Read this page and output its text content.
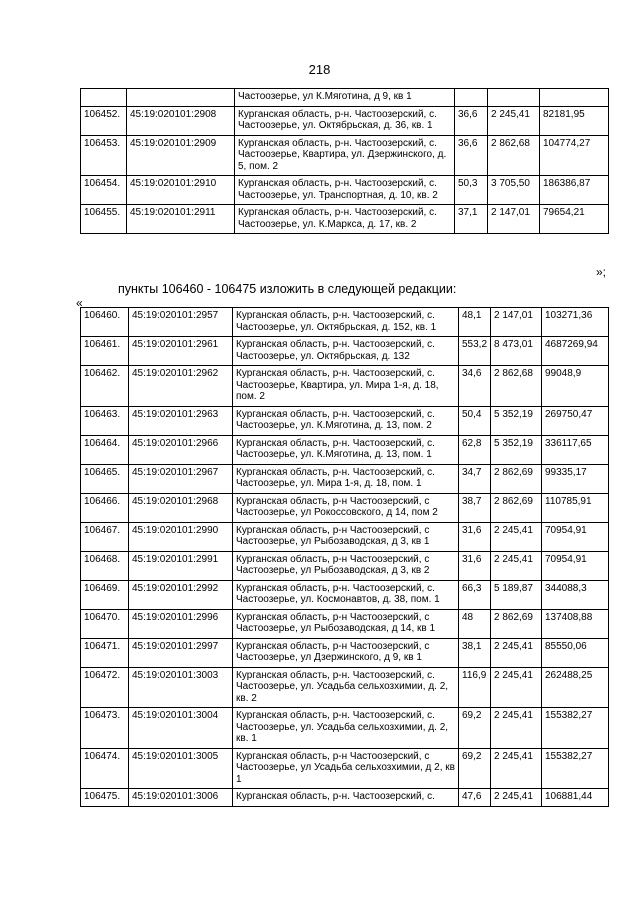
218
		Частоозерье, ул К.Мяготина, д 9, кв 1			
106452.	45:19:020101:2908	Курганская область, р-н. Частоозерский, с. Частоозерье, ул. Октябрьская, д. 36, кв. 1	36,6	2 245,41	82181,95
106453.	45:19:020101:2909	Курганская область, р-н. Частоозерский, с. Частоозерье, Квартира, ул. Дзержинского, д. 5, пом. 2	36,6	2 862,68	104774,27
106454.	45:19:020101:2910	Курганская область, р-н. Частоозерский, с. Частоозерье, ул. Транспортная, д. 10, кв. 2	50,3	3 705,50	186386,87
106455.	45:19:020101:2911	Курганская область, р-н. Частоозерский, с. Частоозерье, ул. К.Маркса, д. 17, кв. 2	37,1	2 147,01	79654,21
»;
пункты 106460 - 106475 изложить в следующей редакции:
«
106460.	45:19:020101:2957	Курганская область, р-н. Частоозерский, с. Частоозерье, ул. Октябрьская, д. 152, кв. 1	48,1	2 147,01	103271,36
106461.	45:19:020101:2961	Курганская область, р-н. Частоозерский, с. Частоозерье, ул. Октябрьская, д. 132	553,2	8 473,01	4687269,94
106462.	45:19:020101:2962	Курганская область, р-н. Частоозерский, с. Частоозерье, Квартира, ул. Мира 1-я, д. 18, пом. 2	34,6	2 862,68	99048,9
106463.	45:19:020101:2963	Курганская область, р-н. Частоозерский, с. Частоозерье, ул. К.Мяготина, д. 13, пом. 2	50,4	5 352,19	269750,47
106464.	45:19:020101:2966	Курганская область, р-н. Частоозерский, с. Частоозерье, ул. К.Мяготина, д. 13, пом. 1	62,8	5 352,19	336117,65
106465.	45:19:020101:2967	Курганская область, р-н. Частоозерский, с. Частоозерье, ул. Мира 1-я, д. 18, пом. 1	34,7	2 862,69	99335,17
106466.	45:19:020101:2968	Курганская область, р-н Частоозерский, с Частоозерье, ул Рокоссовского, д 14, пом 2	38,7	2 862,69	110785,91
106467.	45:19:020101:2990	Курганская область, р-н Частоозерский, с Частоозерье, ул Рыбозаводская, д 3, кв 1	31,6	2 245,41	70954,91
106468.	45:19:020101:2991	Курганская область, р-н Частоозерский, с Частоозерье, ул Рыбозаводская, д 3, кв 2	31,6	2 245,41	70954,91
106469.	45:19:020101:2992	Курганская область, р-н. Частоозерский, с. Частоозерье, ул. Космонавтов, д. 38, пом. 1	66,3	5 189,87	344088,3
106470.	45:19:020101:2996	Курганская область, р-н Частоозерский, с Частоозерье, ул Рыбозаводская, д 14, кв 1	48	2 862,69	137408,88
106471.	45:19:020101:2997	Курганская область, р-н Частоозерский, с Частоозерье, ул Дзержинского, д 9, кв 1	38,1	2 245,41	85550,06
106472.	45:19:020101:3003	Курганская область, р-н. Частоозерский, с. Частоозерье, ул. Усадьба сельхозхимии, д. 2, кв. 2	116,9	2 245,41	262488,25
106473.	45:19:020101:3004	Курганская область, р-н. Частоозерский, с. Частоозерье, ул. Усадьба сельхозхимии, д. 2, кв. 1	69,2	2 245,41	155382,27
106474.	45:19:020101:3005	Курганская область, р-н Частоозерский, с Частоозерье, ул Усадьба сельхозхимии, д 2, кв 1	69,2	2 245,41	155382,27
106475.	45:19:020101:3006	Курганская область, р-н. Частоозерский, с.	47,6	2 245,41	106881,44
